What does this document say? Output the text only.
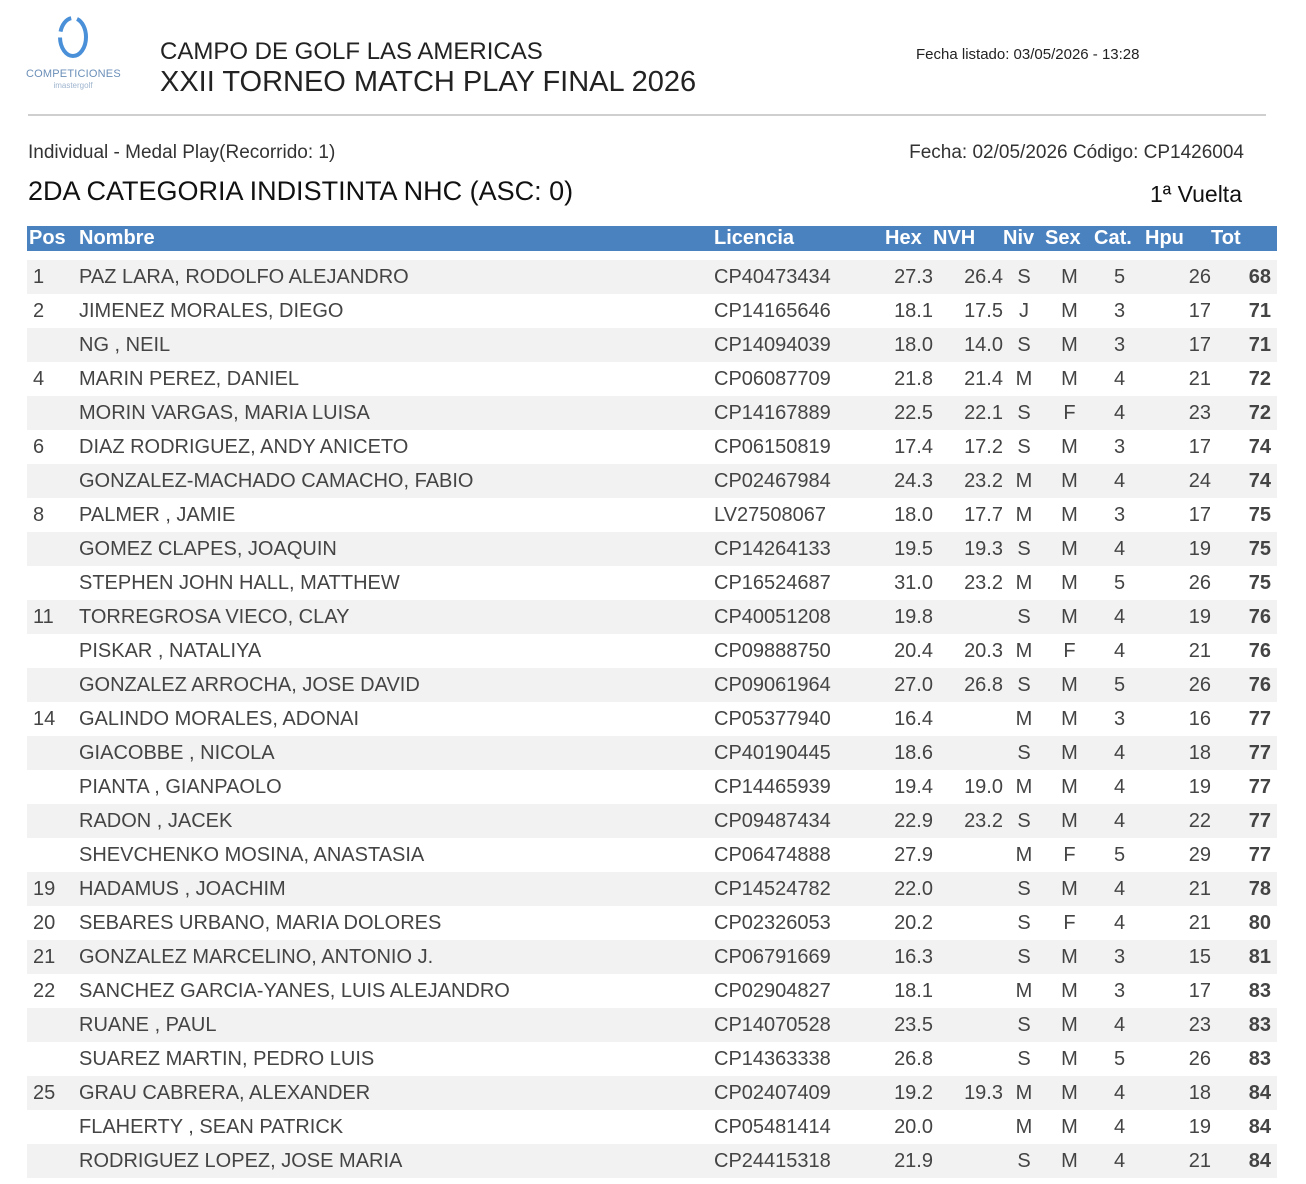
COMPETICIONES
imastergolf
CAMPO DE GOLF LAS AMERICAS
XXII TORNEO MATCH PLAY FINAL 2026
Fecha listado: 03/05/2026 - 13:28
Individual - Medal Play(Recorrido: 1)	Fecha: 02/05/2026 Código: CP1426004
2DA CATEGORIA INDISTINTA NHC (ASC: 0)	1ª Vuelta
Pos	Nombre	Licencia	Hex	NVH	Niv	Sex	Cat.	Hpu	Tot

1	PAZ LARA, RODOLFO ALEJANDRO	CP40473434	27.3	26.4	S	M	5	26	68
2	JIMENEZ MORALES, DIEGO	CP14165646	18.1	17.5	J	M	3	17	71
	NG , NEIL	CP14094039	18.0	14.0	S	M	3	17	71
4	MARIN PEREZ, DANIEL	CP06087709	21.8	21.4	M	M	4	21	72
	MORIN VARGAS, MARIA LUISA	CP14167889	22.5	22.1	S	F	4	23	72
6	DIAZ RODRIGUEZ, ANDY ANICETO	CP06150819	17.4	17.2	S	M	3	17	74
	GONZALEZ-MACHADO CAMACHO, FABIO	CP02467984	24.3	23.2	M	M	4	24	74
8	PALMER , JAMIE	LV27508067	18.0	17.7	M	M	3	17	75
	GOMEZ CLAPES, JOAQUIN	CP14264133	19.5	19.3	S	M	4	19	75
	STEPHEN JOHN HALL, MATTHEW	CP16524687	31.0	23.2	M	M	5	26	75
11	TORREGROSA VIECO, CLAY	CP40051208	19.8		S	M	4	19	76
	PISKAR , NATALIYA	CP09888750	20.4	20.3	M	F	4	21	76
	GONZALEZ ARROCHA, JOSE DAVID	CP09061964	27.0	26.8	S	M	5	26	76
14	GALINDO MORALES, ADONAI	CP05377940	16.4		M	M	3	16	77
	GIACOBBE , NICOLA	CP40190445	18.6		S	M	4	18	77
	PIANTA , GIANPAOLO	CP14465939	19.4	19.0	M	M	4	19	77
	RADON , JACEK	CP09487434	22.9	23.2	S	M	4	22	77
	SHEVCHENKO MOSINA, ANASTASIA	CP06474888	27.9		M	F	5	29	77
19	HADAMUS , JOACHIM	CP14524782	22.0		S	M	4	21	78
20	SEBARES URBANO, MARIA DOLORES	CP02326053	20.2		S	F	4	21	80
21	GONZALEZ MARCELINO, ANTONIO J.	CP06791669	16.3		S	M	3	15	81
22	SANCHEZ GARCIA-YANES, LUIS ALEJANDRO	CP02904827	18.1		M	M	3	17	83
	RUANE , PAUL	CP14070528	23.5		S	M	4	23	83
	SUAREZ MARTIN, PEDRO LUIS	CP14363338	26.8		S	M	5	26	83
25	GRAU CABRERA, ALEXANDER	CP02407409	19.2	19.3	M	M	4	18	84
	FLAHERTY , SEAN PATRICK	CP05481414	20.0		M	M	4	19	84
	RODRIGUEZ LOPEZ, JOSE MARIA	CP24415318	21.9		S	M	4	21	84
